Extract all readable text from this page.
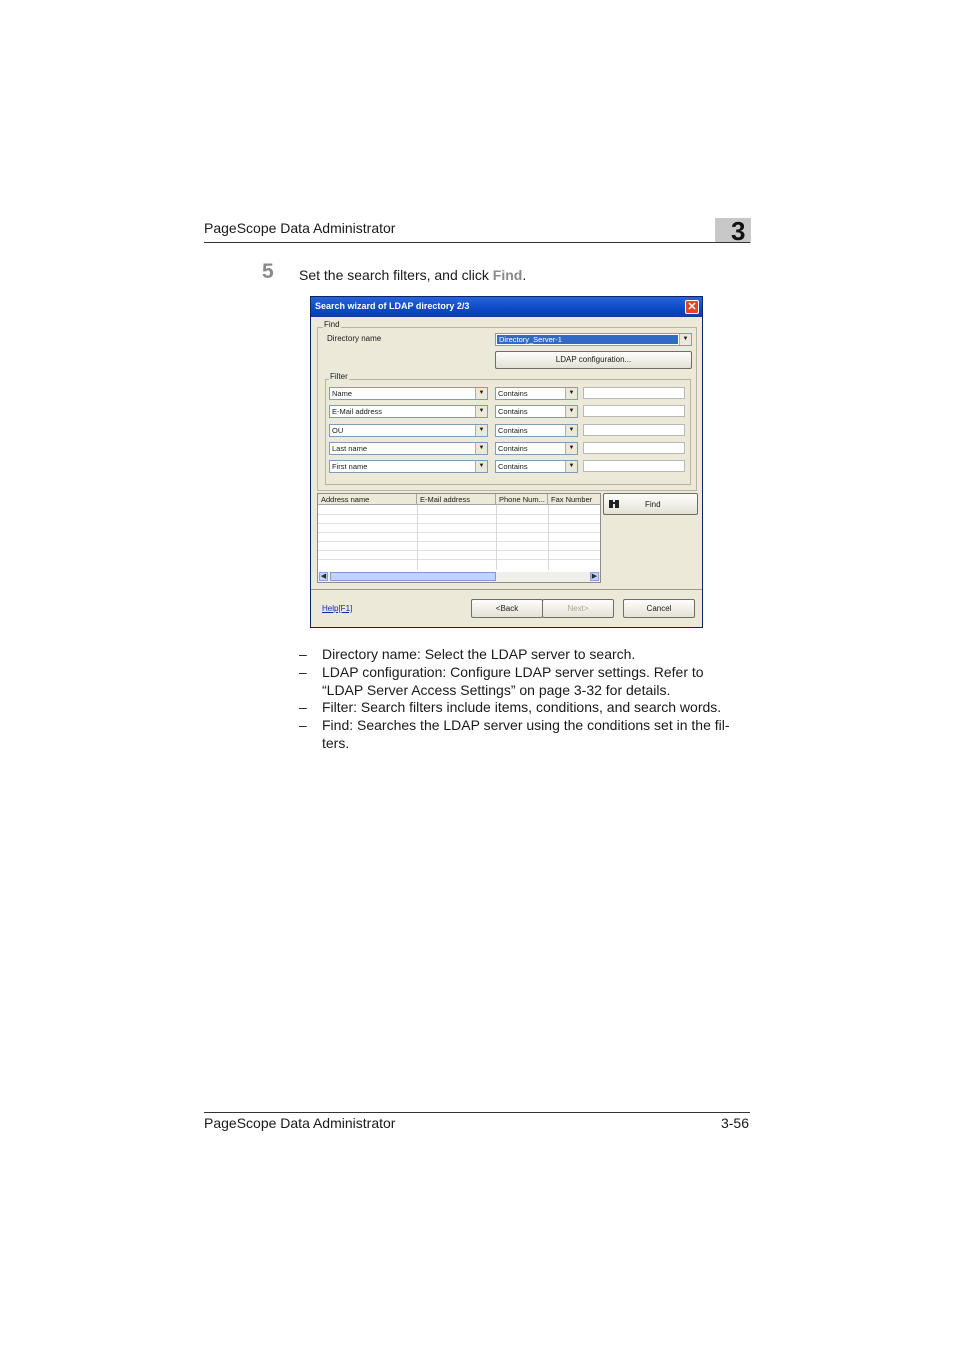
PageScope Data Administrator	3
5 Set the search filters, and click Find.
Search wizard of LDAP directory 2/3	✕
Find
Directory name	Directory_Server-1	▼
LDAP configuration...
Filter
Name	▼	Contains	▼
E-Mail address	▼	Contains	▼
OU	▼	Contains	▼
Last name	▼	Contains	▼
First name	▼	Contains	▼
Address name	E-Mail address	Phone Num... Fax Number
◀	▶
Find
Help[F1]	<Back	Next>	Cancel
– Directory name: Select the LDAP server to search.
– LDAP configuration: Configure LDAP server settings. Refer to
“LDAP Server Access Settings” on page 3-32 for details.
– Filter: Search filters include items, conditions, and search words.
– Find: Searches the LDAP server using the conditions set in the fil-
ters.
PageScope Data Administrator	3-56
